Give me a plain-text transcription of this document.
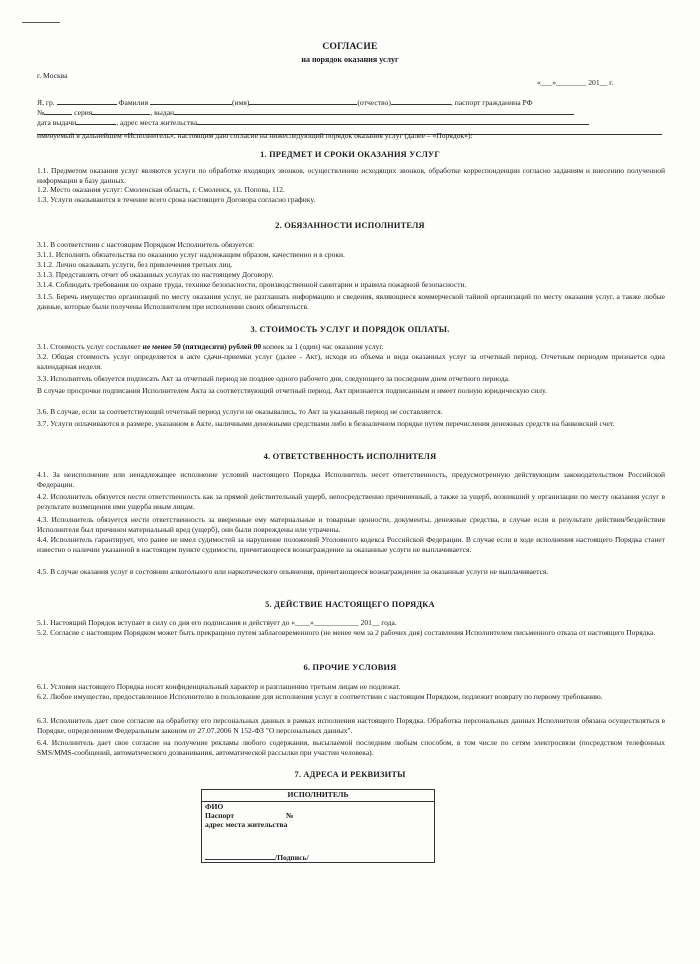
СОГЛАСИЕ
на порядок оказания услуг
г. Москва
«___»________ 201__ г.
Я, гр.	Фамилия	(имя)	(отчество)	, паспорт гражданина РФ
№	серия	, выдан
дата выдачи	, адрес места жительства
именуемый в дальнейшем «Исполнитель», настоящим даю согласие на нижеследующий порядок оказания услуг (далее – «Порядок»):
1. ПРЕДМЕТ И СРОКИ ОКАЗАНИЯ УСЛУГ
1.1. Предметом оказания услуг являются услуги по обработке входящих звонков, осуществлению исходящих звонков, обработке корреспонденции согласно заданиям и внесению полученной информации в базу данных.
1.2. Место оказания услуг: Смоленская область, г. Смоленск, ул. Попова, 112.
1.3. Услуги оказываются в течение всего срока настоящего Договора согласно графику.
2. ОБЯЗАННОСТИ ИСПОЛНИТЕЛЯ
3.1. В соответствии с настоящим Порядком Исполнитель обязуется:
3.1.1. Исполнять обязательства по оказанию услуг надлежащим образом, качественно и в сроки.
3.1.2. Лично оказывать услуги, без привлечения третьих лиц.
3.1.3. Представлять отчет об оказанных услугах по настоящему Договору.
3.1.4. Соблюдать требования по охране труда, технике безопасности, производственной санитарии и правила пожарной безопасности.
3.1.5. Беречь имущество организаций по месту оказания услуг, не разглашать информацию и сведения, являющиеся коммерческой тайной организаций по месту оказания услуг, а также любые данные, которые были получены Исполнителем при исполнении своих обязательств.
3. СТОИМОСТЬ УСЛУГ И ПОРЯДОК ОПЛАТЫ.
3.1. Стоимость услуг составляет не менее 50 (пятидесяти) рублей 00 копеек за 1 (один) час оказания услуг.
3.2. Общая стоимость услуг определяется в акте сдачи-приемки услуг (далее - Акт), исходя из объема и вида оказанных услуг за отчетный период. Отчетным периодом признается одна календарная неделя.
3.3. Исполнитель обязуется подписать Акт за отчетный период не позднее одного рабочего дня, следующего за последним днем отчетного периода.
В случае просрочки подписания Исполнителем Акта за соответствующий отчетный период, Акт признается подписанным и имеет полную юридическую силу.
3.6. В случае, если за соответствующий отчетный период услуги не оказывались, то Акт за указанный период не составляется.
3.7. Услуги оплачиваются в размере, указанном в Акте, наличными денежными средствами либо в безналичном порядке путем перечисления денежных средств на банковский счет.
4. ОТВЕТСТВЕННОСТЬ ИСПОЛНИТЕЛЯ
4.1. За неисполнение или ненадлежащее исполнение условий настоящего Порядка Исполнитель несет ответственность, предусмотренную действующим законодательством Российской Федерации.
4.2. Исполнитель обязуется нести ответственность как за прямой действительный ущерб, непосредственно причиненный, а также за ущерб, возникший у организации по месту оказания услуг в результате возмещения ими ущерба иным лицам.
4.3. Исполнитель обязуется нести ответственность за вверенные ему материальные и товарные ценности, документы, денежные средства, в случае если в результате действия/бездействия Исполнителя был причинен материальный вред (ущерб), они были повреждены или утрачены.
4.4. Исполнитель гарантирует, что ранее не имел судимостей за нарушение положений Уголовного кодекса Российской Федерации. В случае если в ходе исполнения настоящего Порядка станет известно о наличии указанной в настоящем пункте судимости, причитающееся вознаграждение за оказанные услуги не выплачивается.
4.5. В случае оказания услуг в состоянии алкогольного или наркотического опьянения, причитающееся вознаграждение за оказанные услуги не выплачивается.
5. ДЕЙСТВИЕ НАСТОЯЩЕГО ПОРЯДКА
5.1. Настоящий Порядок вступает в силу со дня его подписания и действует до «____»____________ 201__ года.
5.2. Согласие с настоящим Порядком может быть прекращено путем заблаговременного (не менее чем за 2 рабочих дня) составления Исполнителем письменного отказа от настоящего Порядка.
6. ПРОЧИЕ УСЛОВИЯ
6.1. Условия настоящего Порядка носят конфиденциальный характер и разглашению третьим лицам не подлежат.
6.2. Любое имущество, предоставленное Исполнителю в пользование для исполнения услуг в соответствии с настоящим Порядком, подлежит возврату по первому требованию.
6.3. Исполнитель дает свое согласие на обработку его персональных данных в рамках исполнения настоящего Порядка. Обработка персональных данных Исполнителя обязана осуществляться в Порядке, определенном Федеральным законом от 27.07.2006 N 152-ФЗ "О персональных данных".
6.4. Исполнитель дает свое согласие на получение рекламы любого содержания, высылаемой последним любым способом, в том числе по сетям электросвязи (посредством телефонных SMS/MMS-сообщений, автоматического дозванивания, автоматической рассылки при участии человека).
7. АДРЕСА И РЕКВИЗИТЫ
ИСПОЛНИТЕЛЬ

ФИО
Паспорт	№
адрес места жительства
/Подпись/
